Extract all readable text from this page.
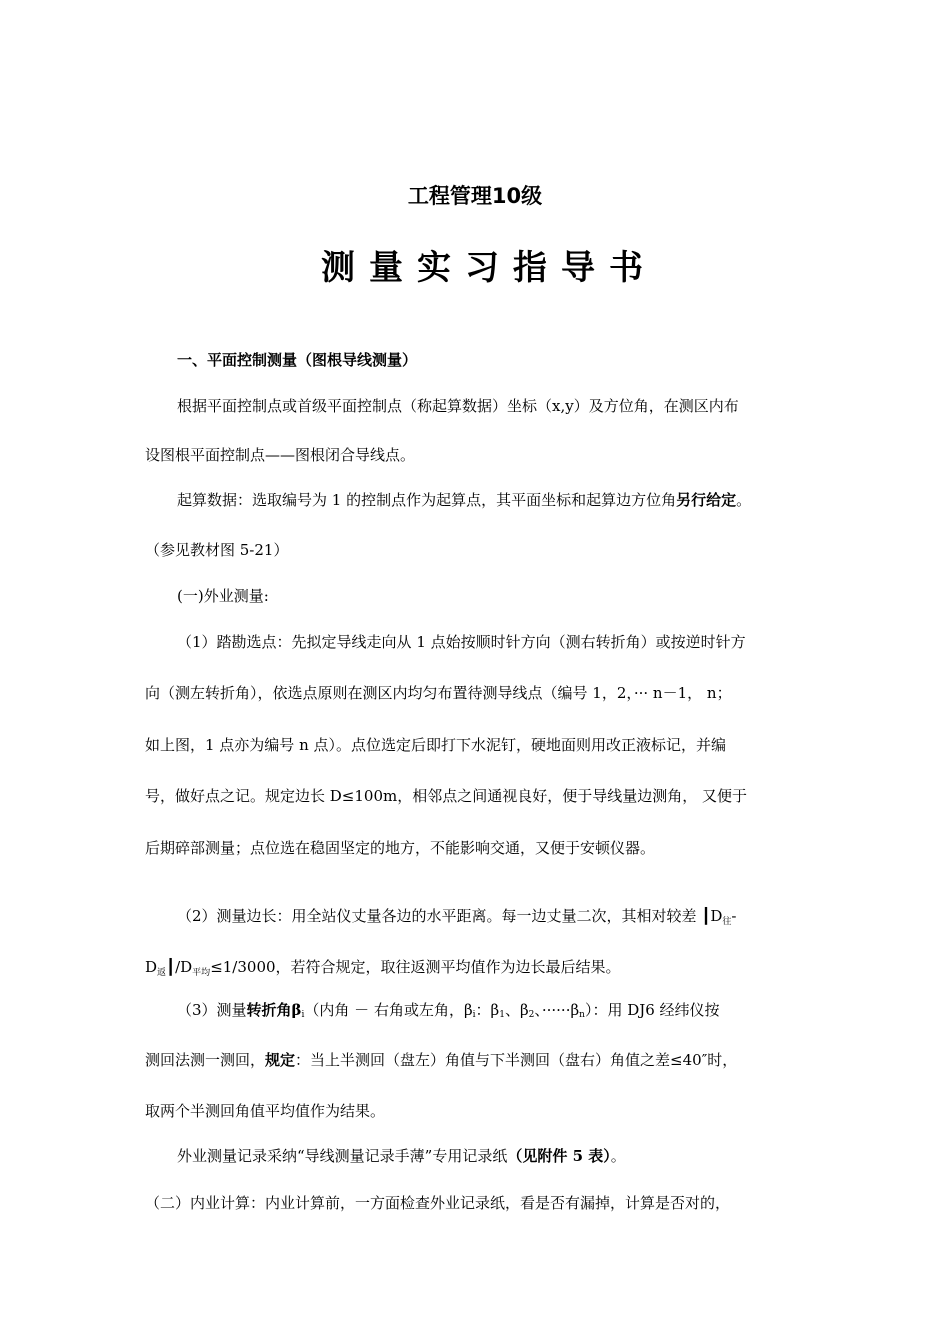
工程管理10级
测量实习指导书
一、平面控制测量（图根导线测量）
根据平面控制点或首级平面控制点（称起算数据）坐标（x,y）及方位角，在测区内布
设图根平面控制点——图根闭合导线点。
起算数据：选取编号为 1 的控制点作为起算点，其平面坐标和起算边方位角另行给定。
（参见教材图 5-21）
(一)外业测量:
（1）踏勘选点：先拟定导线走向从 1 点始按顺时针方向（测右转折角）或按逆时针方
向（测左转折角），依选点原则在测区内均匀布置待测导线点（编号 1，2，··· n－1， n；
如上图，1 点亦为编号 n 点）。点位选定后即打下水泥钉，硬地面则用改正液标记，并编
号，做好点之记。规定边长 D≤100m，相邻点之间通视良好，便于导线量边测角， 又便于
后期碎部测量；点位选在稳固坚定的地方，不能影响交通，又便于安顿仪器。
（2）测量边长：用全站仪丈量各边的水平距离。每一边丈量二次，其相对较差 $┃D_往-$
$D_返┃/D_{平均}\le 1/3000$，若符合规定，取往返测平均值作为边长最后结果。
（3）测量转折角βi（内角 － 右角或左角，βi：β1、β2、······βn）：用 DJ6 经纬仪按
测回法测一测回，规定：当上半测回（盘左）角值与下半测回（盘右）角值之差≤40″时，
取两个半测回角值平均值作为结果。
外业测量记录采纳“导线测量记录手薄”专用记录纸（见附件 5 表）。
（二）内业计算：内业计算前，一方面检查外业记录纸，看是否有漏掉，计算是否对的，
